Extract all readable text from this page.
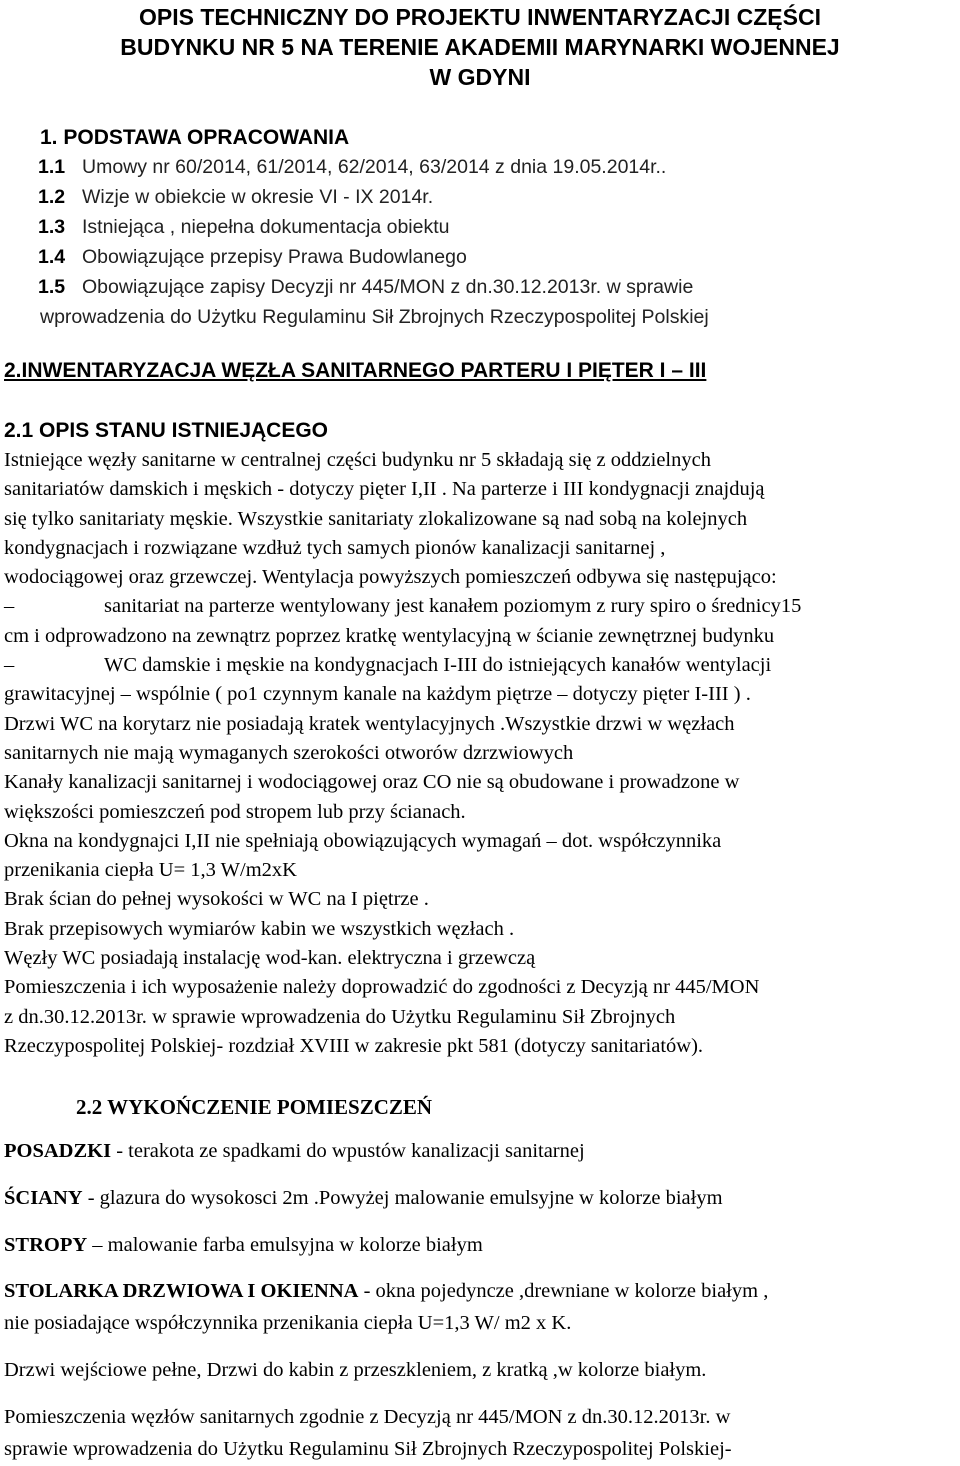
OPIS TECHNICZNY DO PROJEKTU INWENTARYZACJI CZĘŚCI
BUDYNKU NR 5 NA TERENIE AKADEMII MARYNARKI WOJENNEJ
W GDYNI
1. PODSTAWA OPRACOWANIA
1.1 Umowy nr 60/2014, 61/2014, 62/2014, 63/2014 z dnia 19.05.2014r..
1.2 Wizje w obiekcie w okresie VI - IX 2014r.
1.3 Istniejąca , niepełna dokumentacja obiektu
1.4 Obowiązujące przepisy Prawa Budowlanego
1.5 Obowiązujące zapisy Decyzji nr 445/MON z dn.30.12.2013r. w sprawie
wprowadzenia do Użytku Regulaminu Sił Zbrojnych Rzeczypospolitej Polskiej
2.INWENTARYZACJA WĘZŁA SANITARNEGO PARTERU I PIĘTER I – III
2.1 OPIS STANU ISTNIEJĄCEGO
Istniejące węzły sanitarne w centralnej części budynku nr 5 składają się z oddzielnych
sanitariatów damskich i męskich - dotyczy pięter I,II . Na parterze i III kondygnacji znajdują
się tylko sanitariaty męskie. Wszystkie sanitariaty zlokalizowane są nad sobą na kolejnych
kondygnacjach i rozwiązane wzdłuż tych samych pionów kanalizacji sanitarnej ,
wodociągowej oraz grzewczej. Wentylacja powyższych pomieszczeń odbywa się następująco:
–	sanitariat na parterze wentylowany jest kanałem poziomym z rury spiro o średnicy15
cm i odprowadzono na zewnątrz poprzez kratkę wentylacyjną w ścianie zewnętrznej budynku
–	WC damskie i męskie na kondygnacjach I-III do istniejących kanałów wentylacji
grawitacyjnej – wspólnie ( po1 czynnym kanale na każdym piętrze – dotyczy pięter I-III ) .
Drzwi WC na korytarz nie posiadają kratek wentylacyjnych .Wszystkie drzwi w węzłach
sanitarnych nie mają wymaganych szerokości otworów dzrzwiowych
Kanały kanalizacji sanitarnej i wodociągowej oraz CO nie są obudowane i prowadzone w
większości pomieszczeń pod stropem lub przy ścianach.
Okna na kondygnajci I,II nie spełniają obowiązujących wymagań – dot. współczynnika
przenikania ciepła U= 1,3 W/m2xK
Brak ścian do pełnej wysokości w WC na I piętrze .
Brak przepisowych wymiarów kabin we wszystkich węzłach .
Węzły WC posiadają instalację wod-kan. elektryczna i grzewczą
Pomieszczenia i ich wyposażenie należy doprowadzić do zgodności z Decyzją nr 445/MON
z dn.30.12.2013r. w sprawie wprowadzenia do Użytku Regulaminu Sił Zbrojnych
Rzeczypospolitej Polskiej- rozdział XVIII w zakresie pkt 581 (dotyczy sanitariatów).
2.2 WYKOŃCZENIE POMIESZCZEŃ
POSADZKI - terakota ze spadkami do wpustów kanalizacji sanitarnej
ŚCIANY - glazura do wysokosci 2m .Powyżej malowanie emulsyjne w kolorze białym
STROPY – malowanie farba emulsyjna w kolorze białym
STOLARKA DRZWIOWA I OKIENNA - okna pojedyncze ,drewniane w kolorze białym ,
nie posiadające współczynnika przenikania ciepła U=1,3 W/ m2 x K.
Drzwi wejściowe pełne, Drzwi do kabin z przeszkleniem, z kratką ,w kolorze białym.
Pomieszczenia węzłów sanitarnych zgodnie z Decyzją nr 445/MON z dn.30.12.2013r. w
sprawie wprowadzenia do Użytku Regulaminu Sił Zbrojnych Rzeczypospolitej Polskiej-
